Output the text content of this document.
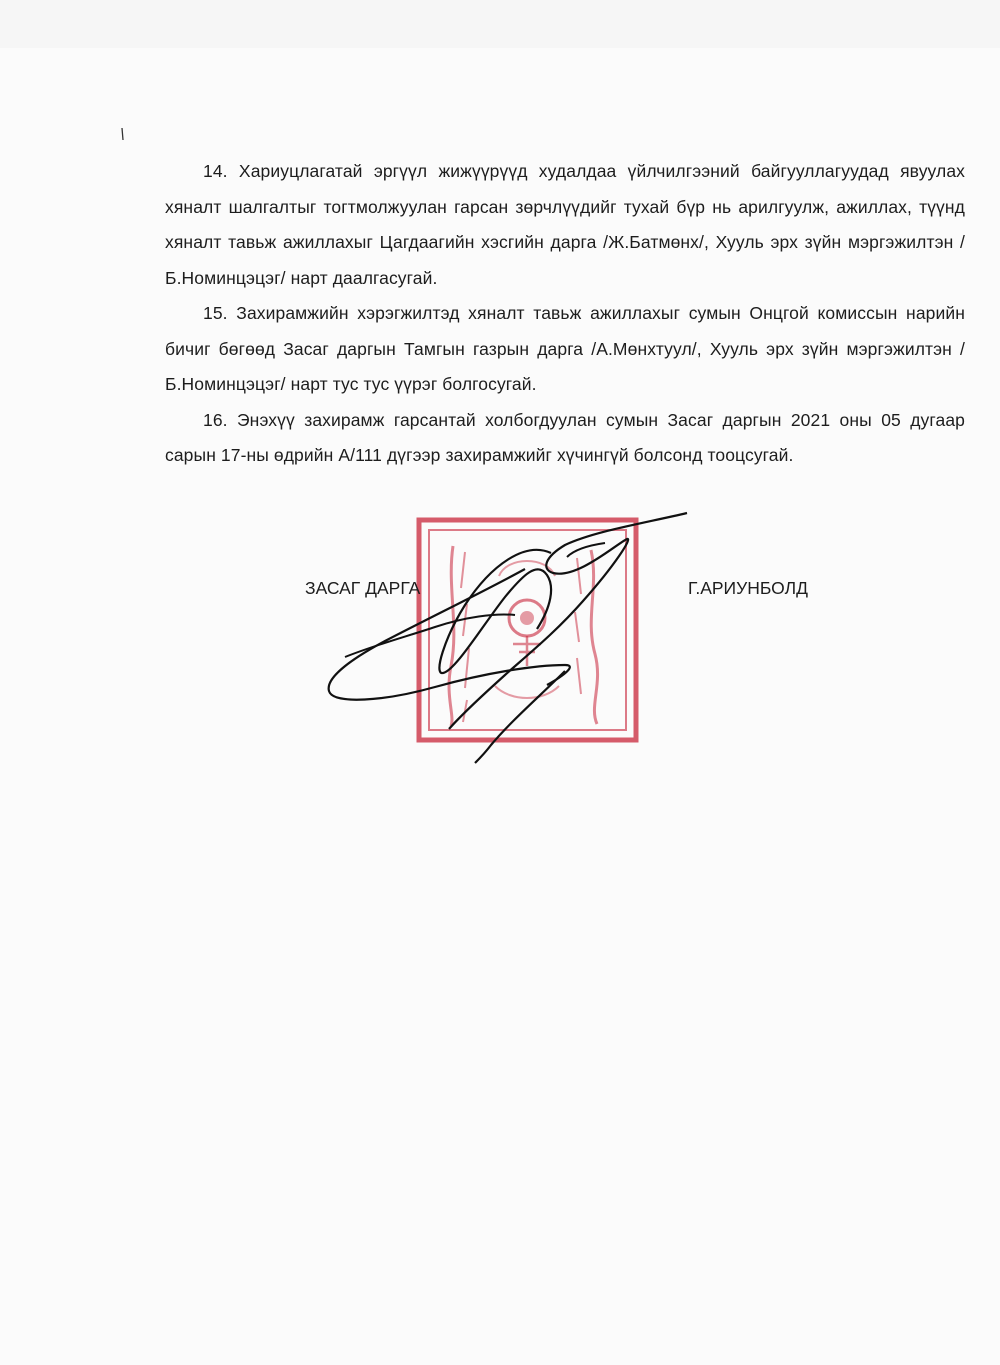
14. Хариуцлагатай эргүүл жижүүрүүд худалдаа үйлчилгээний байгууллагуудад явуулах хяналт шалгалтыг тогтмолжуулан гарсан зөрчлүүдийг тухай бүр нь арилгуулж, ажиллах, түүнд хяналт тавьж ажиллахыг Цагдаагийн хэсгийн дарга /Ж.Батмөнх/, Хууль эрх зүйн мэргэжилтэн /Б.Номинцэцэг/ нарт даалгасугай.

15. Захирамжийн хэрэгжилтэд хяналт тавьж ажиллахыг сумын Онцгой комиссын нарийн бичиг бөгөөд Засаг даргын Тамгын газрын дарга /А.Мөнхтуул/, Хууль эрх зүйн мэргэжилтэн /Б.Номинцэцэг/ нарт тус тус үүрэг болгосугай.

16. Энэхүү захирамж гарсантай холбогдуулан сумын Засаг даргын 2021 оны 05 дугаар сарын 17-ны өдрийн А/111 дүгээр захирамжийг хүчингүй болсонд тооцсугай.

ЗАСАГ ДАРГА	Г.АРИУНБОЛД
